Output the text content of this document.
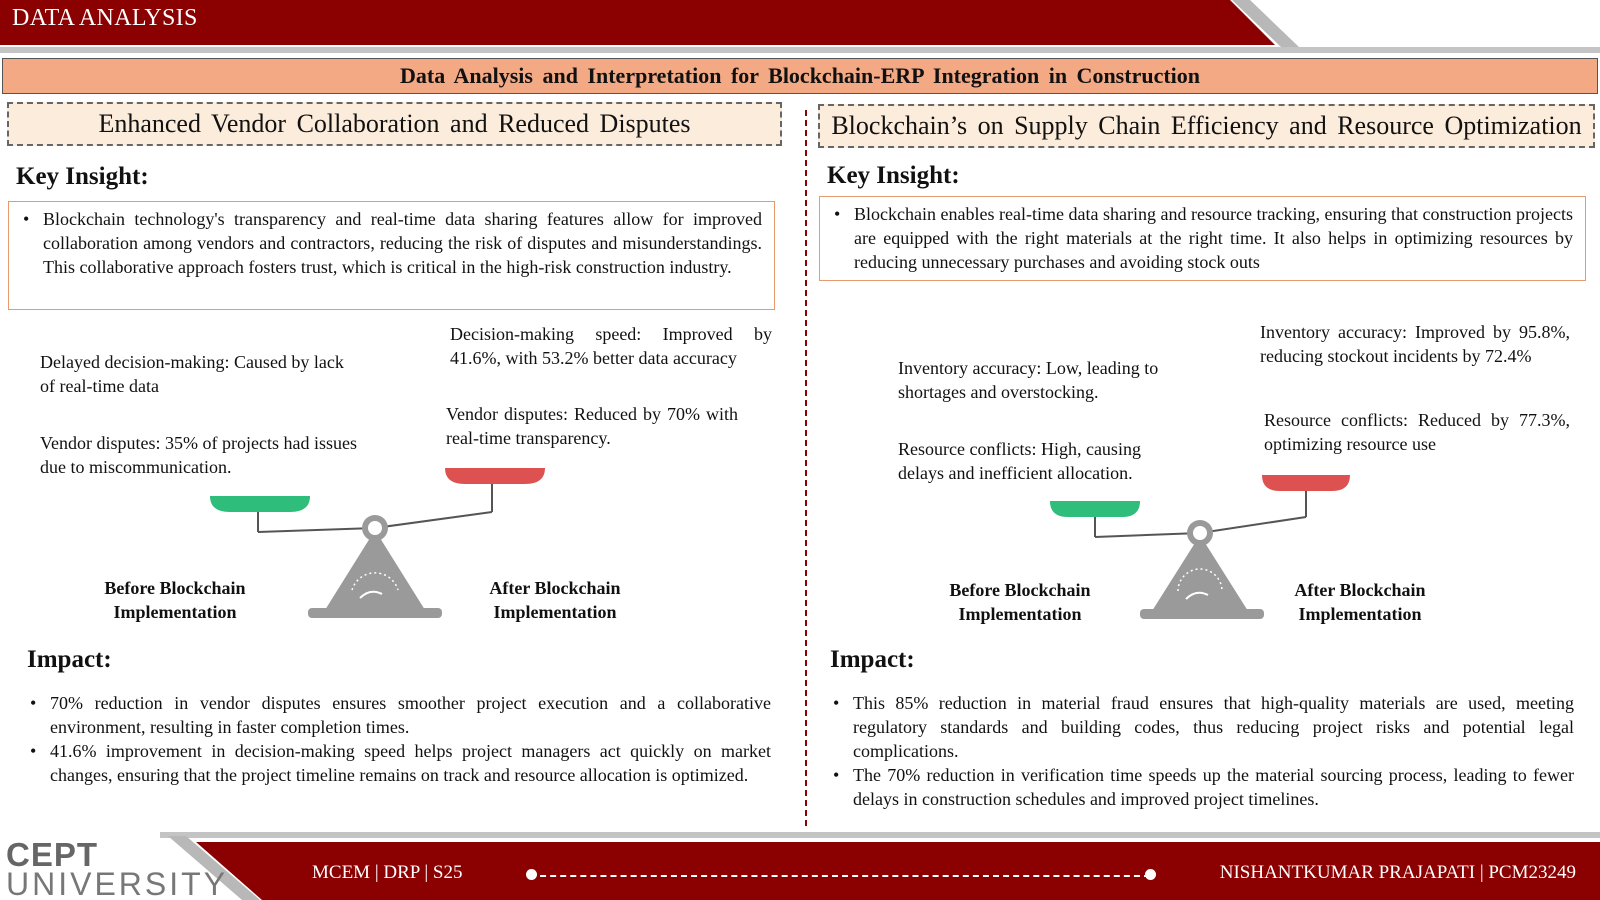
DATA ANALYSIS
Data Analysis and Interpretation for Blockchain-ERP Integration in Construction
Enhanced Vendor Collaboration and Reduced Disputes
Key Insight:
• Blockchain technology's transparency and real-time data sharing features allow for improved collaboration among vendors and contractors, reducing the risk of disputes and misunderstandings. This collaborative approach fosters trust, which is critical in the high-risk construction industry.
Delayed decision-making: Caused by lack of real-time data
Vendor disputes: 35% of projects had issues due to miscommunication.
Decision-making speed: Improved by 41.6%, with 53.2% better data accuracy
Vendor disputes: Reduced by 70% with real-time transparency.
Before Blockchain Implementation
After Blockchain Implementation
Impact:
• 70% reduction in vendor disputes ensures smoother project execution and a collaborative environment, resulting in faster completion times.
• 41.6% improvement in decision-making speed helps project managers act quickly on market changes, ensuring that the project timeline remains on track and resource allocation is optimized.
Blockchain’s on Supply Chain Efficiency and Resource Optimization
Key Insight:
• Blockchain enables real-time data sharing and resource tracking, ensuring that construction projects are equipped with the right materials at the right time. It also helps in optimizing resources by reducing unnecessary purchases and avoiding stock outs
Inventory accuracy: Low, leading to shortages and overstocking.
Resource conflicts: High, causing delays and inefficient allocation.
Inventory accuracy: Improved by 95.8%, reducing stockout incidents by 72.4%
Resource conflicts: Reduced by 77.3%, optimizing resource use
Before Blockchain Implementation
After Blockchain Implementation
Impact:
• This 85% reduction in material fraud ensures that high-quality materials are used, meeting regulatory standards and building codes, thus reducing project risks and potential legal complications.
• The 70% reduction in verification time speeds up the material sourcing process, leading to fewer delays in construction schedules and improved project timelines.
CEPT
UNIVERSITY	MCEM | DRP | S25	NISHANTKUMAR PRAJAPATI | PCM23249
